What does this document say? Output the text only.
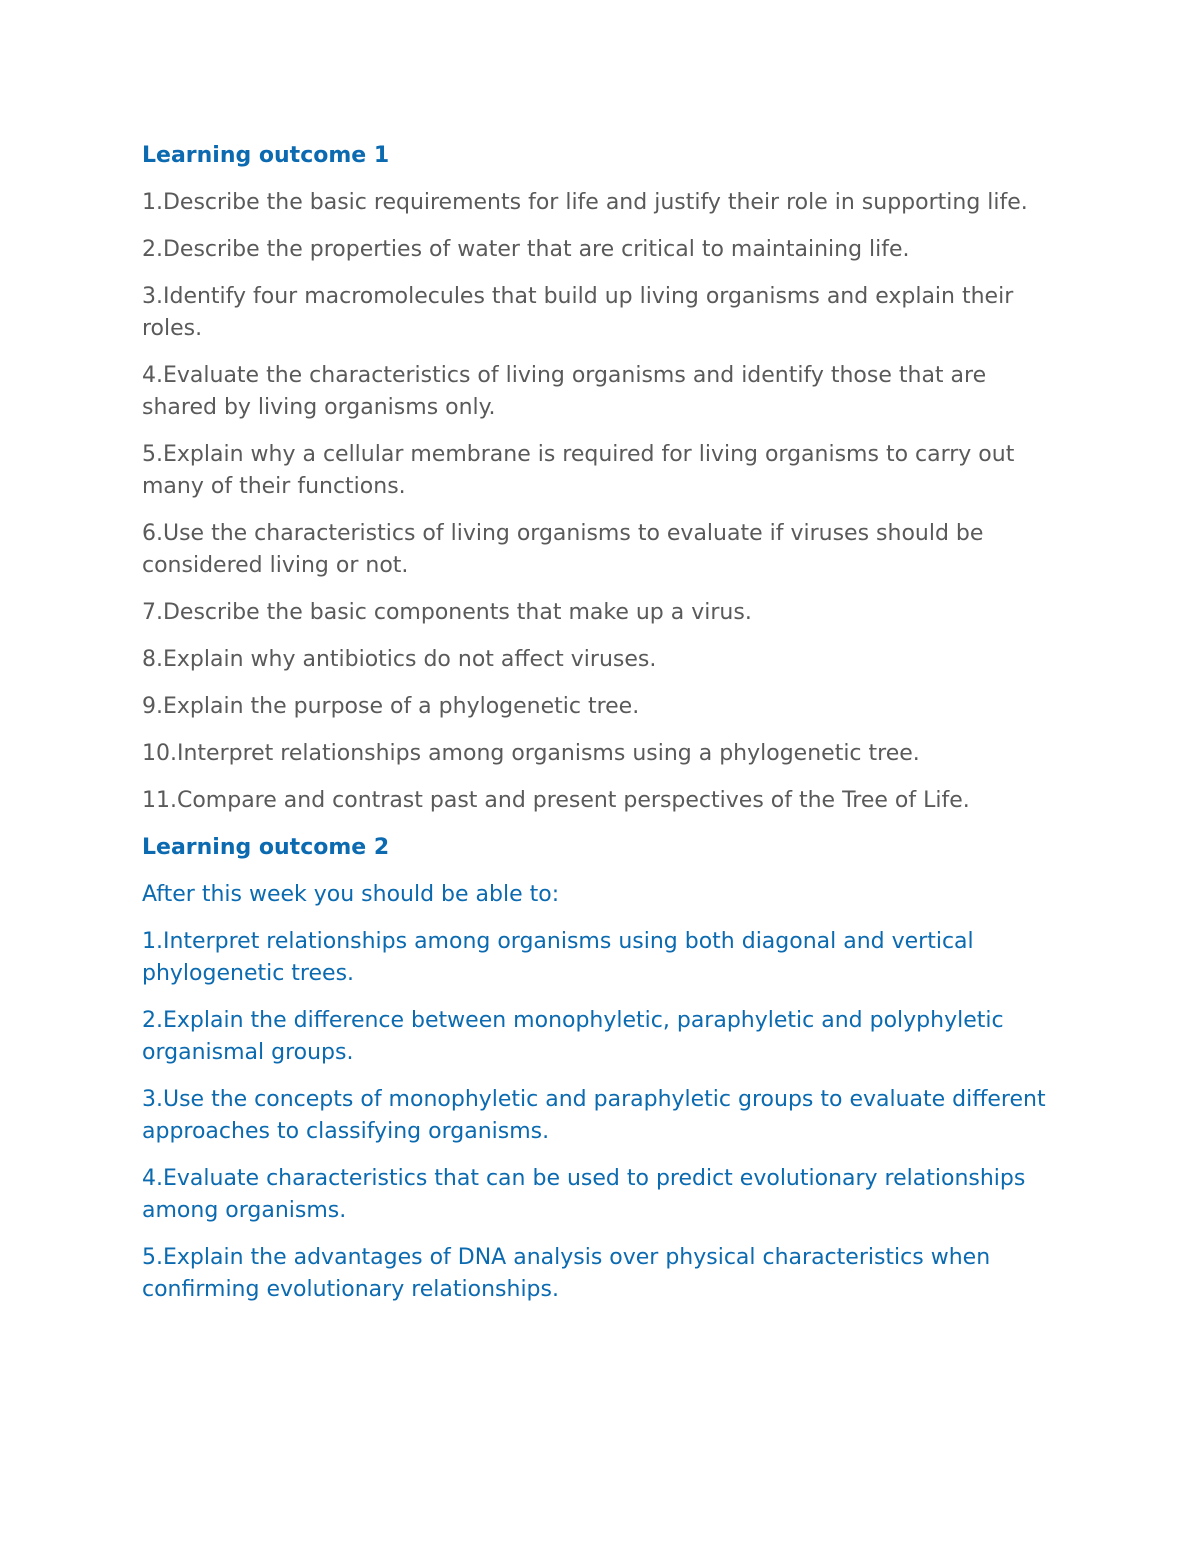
Learning outcome 1
1.Describe the basic requirements for life and justify their role in supporting life.
2.Describe the properties of water that are critical to maintaining life.
3.Identify four macromolecules that build up living organisms and explain their roles.
4.Evaluate the characteristics of living organisms and identify those that are shared by living organisms only.
5.Explain why a cellular membrane is required for living organisms to carry out many of their functions.
6.Use the characteristics of living organisms to evaluate if viruses should be considered living or not.
7.Describe the basic components that make up a virus.
8.Explain why antibiotics do not affect viruses.
9.Explain the purpose of a phylogenetic tree.
10.Interpret relationships among organisms using a phylogenetic tree.
11.Compare and contrast past and present perspectives of the Tree of Life.
Learning outcome 2
After this week you should be able to:
1.Interpret relationships among organisms using both diagonal and vertical phylogenetic trees.
2.Explain the difference between monophyletic, paraphyletic and polyphyletic organismal groups.
3.Use the concepts of monophyletic and paraphyletic groups to evaluate different approaches to classifying organisms.
4.Evaluate characteristics that can be used to predict evolutionary relationships among organisms.
5.Explain the advantages of DNA analysis over physical characteristics when confirming evolutionary relationships.
